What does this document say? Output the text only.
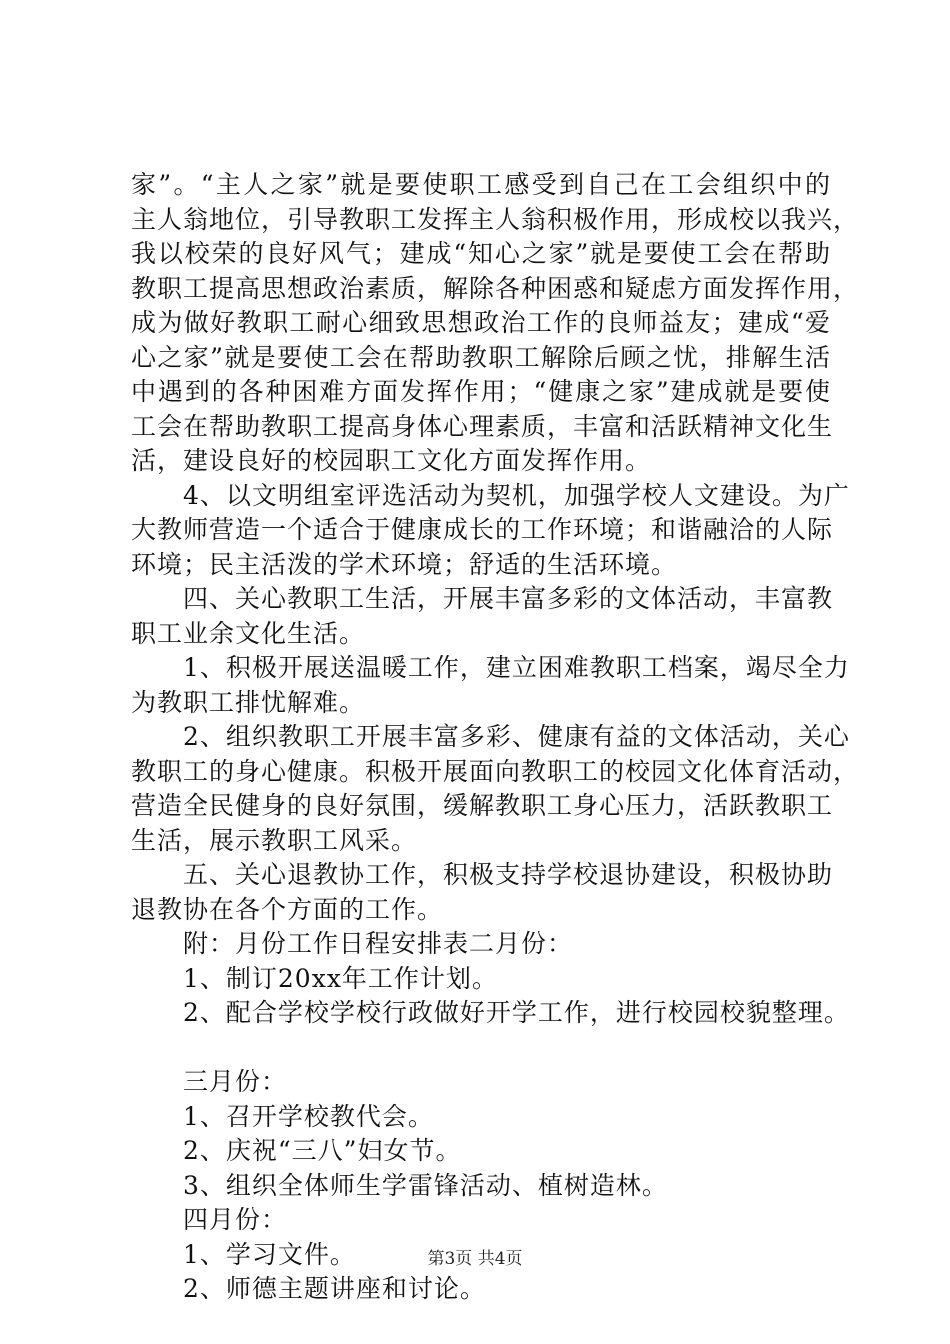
家”。“主人之家”就是要使职工感受到自己在工会组织中的
主人翁地位，引导教职工发挥主人翁积极作用，形成校以我兴，
我以校荣的良好风气；建成“知心之家”就是要使工会在帮助
教职工提高思想政治素质，解除各种困惑和疑虑方面发挥作用，
成为做好教职工耐心细致思想政治工作的良师益友；建成“爱
心之家”就是要使工会在帮助教职工解除后顾之忧，排解生活
中遇到的各种困难方面发挥作用；“健康之家”建成就是要使
工会在帮助教职工提高身体心理素质，丰富和活跃精神文化生
活，建设良好的校园职工文化方面发挥作用。
　　4、以文明组室评选活动为契机，加强学校人文建设。为广
大教师营造一个适合于健康成长的工作环境；和谐融洽的人际
环境；民主活泼的学术环境；舒适的生活环境。
　　四、关心教职工生活，开展丰富多彩的文体活动，丰富教
职工业余文化生活。
　　1、积极开展送温暖工作，建立困难教职工档案，竭尽全力
为教职工排忧解难。
　　2、组织教职工开展丰富多彩、健康有益的文体活动，关心
教职工的身心健康。积极开展面向教职工的校园文化体育活动，
营造全民健身的良好氛围，缓解教职工身心压力，活跃教职工
生活，展示教职工风采。
　　五、关心退教协工作，积极支持学校退协建设，积极协助
退教协在各个方面的工作。
　　附：月份工作日程安排表二月份：
　　1、制订20xx年工作计划。
　　2、配合学校学校行政做好开学工作，进行校园校貌整理。
　　三月份：
　　1、召开学校教代会。
　　2、庆祝“三八”妇女节。
　　3、组织全体师生学雷锋活动、植树造林。
　　四月份：
　　1、学习文件。
　　2、师德主题讲座和讨论。
第3页 共4页
